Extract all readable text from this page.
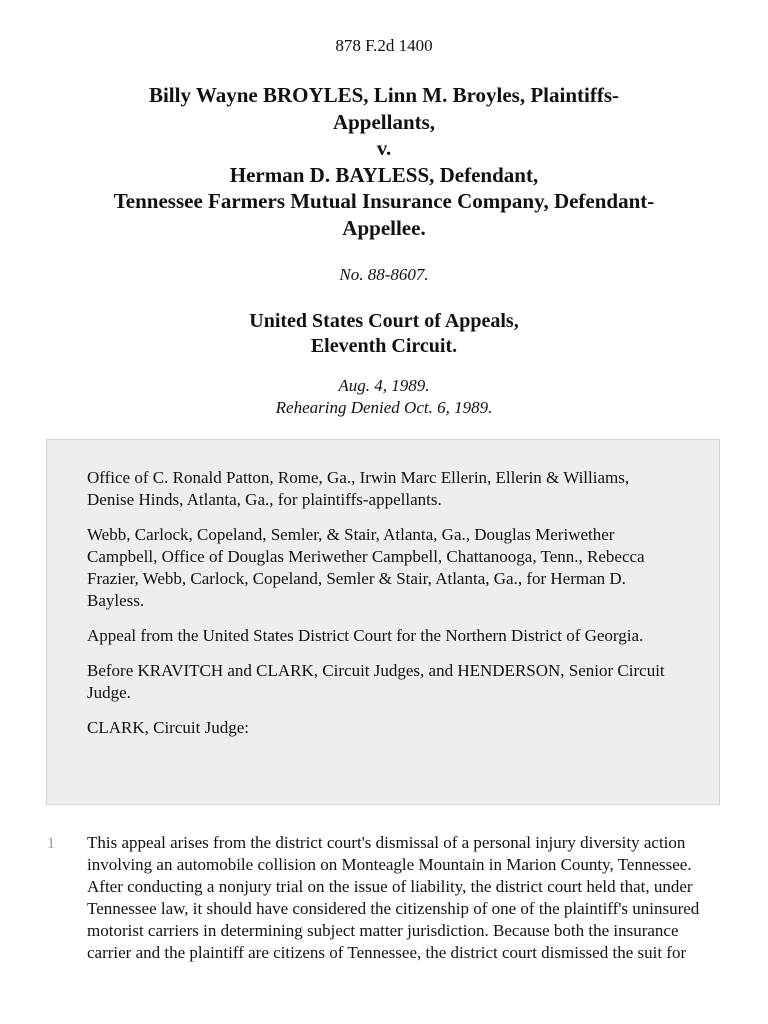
878 F.2d 1400
Billy Wayne BROYLES, Linn M. Broyles, Plaintiffs-
Appellants,
v.
Herman D. BAYLESS, Defendant,
Tennessee Farmers Mutual Insurance Company, Defendant-
Appellee.
No. 88-8607.
United States Court of Appeals,
Eleventh Circuit.
Aug. 4, 1989.
Rehearing Denied Oct. 6, 1989.

Office of C. Ronald Patton, Rome, Ga., Irwin Marc Ellerin, Ellerin & Williams, Denise Hinds, Atlanta, Ga., for plaintiffs-appellants.

Webb, Carlock, Copeland, Semler, & Stair, Atlanta, Ga., Douglas Meriwether Campbell, Office of Douglas Meriwether Campbell, Chattanooga, Tenn., Rebecca Frazier, Webb, Carlock, Copeland, Semler & Stair, Atlanta, Ga., for Herman D. Bayless.

Appeal from the United States District Court for the Northern District of Georgia.

Before KRAVITCH and CLARK, Circuit Judges, and HENDERSON, Senior Circuit Judge.

CLARK, Circuit Judge:

1 This appeal arises from the district court's dismissal of a personal injury diversity action involving an automobile collision on Monteagle Mountain in Marion County, Tennessee. After conducting a nonjury trial on the issue of liability, the district court held that, under Tennessee law, it should have considered the citizenship of one of the plaintiff's uninsured motorist carriers in determining subject matter jurisdiction. Because both the insurance carrier and the plaintiff are citizens of Tennessee, the district court dismissed the suit for
